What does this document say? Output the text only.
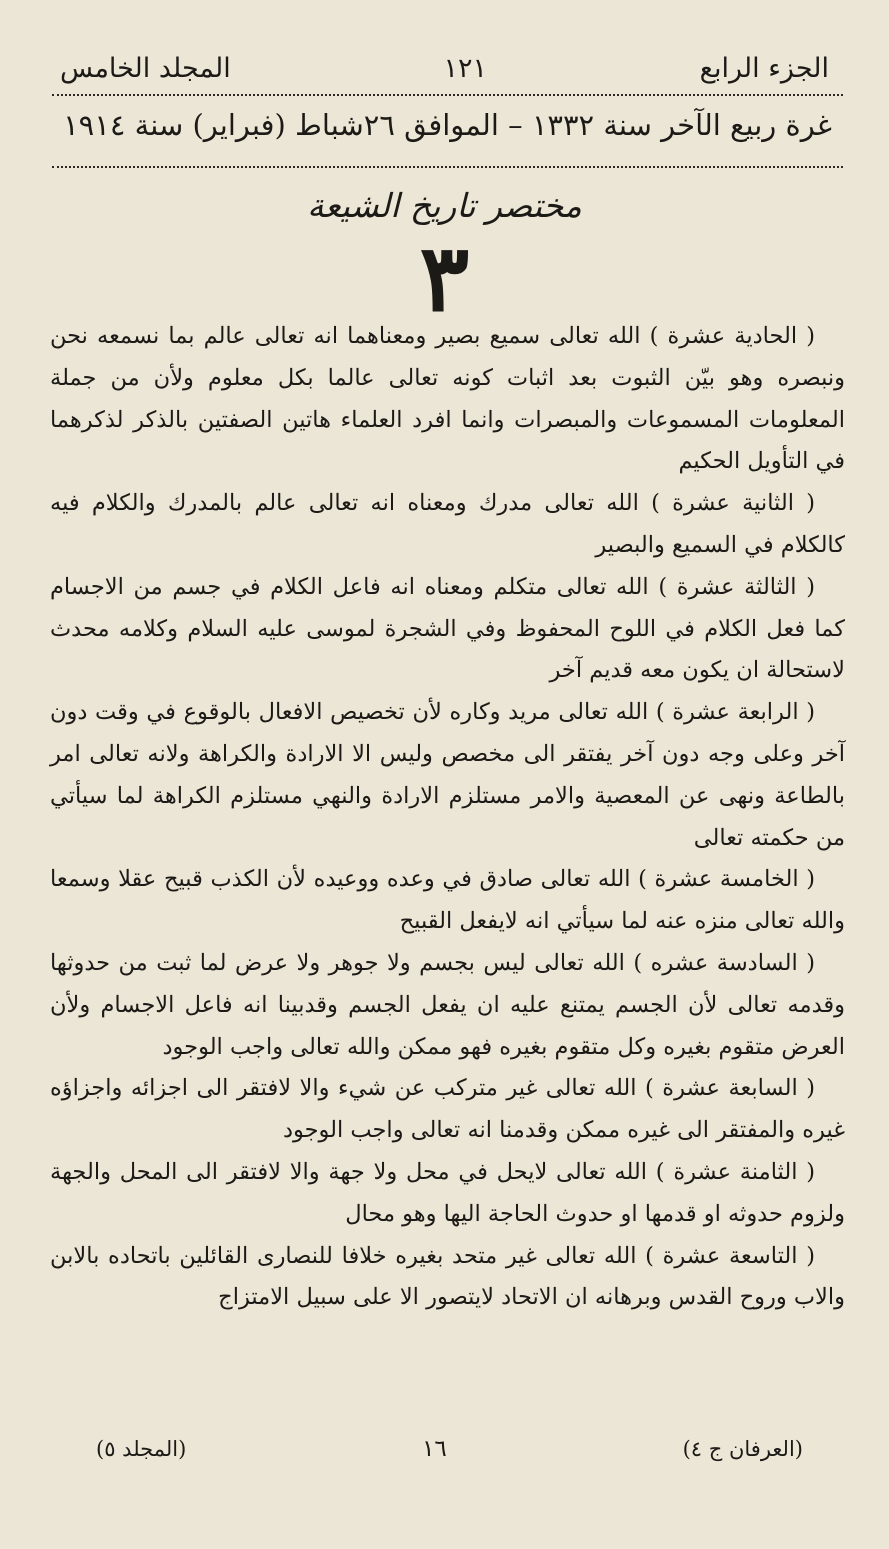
الجزء الرابع
١٢١
المجلد الخامس
غرة ربيع الآخر سنة ١٣٣٢ – الموافق ٢٦شباط (فبراير) سنة ١٩١٤
مختصر تاريخ الشيعة
٣

( الحادية عشرة ) الله تعالى سميع بصير ومعناهما انه تعالى عالم بما نسمعه نحن ونبصره وهو بيّن الثبوت بعد اثبات كونه تعالى عالما بكل معلوم ولأن من جملة المعلومات المسموعات والمبصرات وانما افرد العلماء هاتين الصفتين بالذكر لذكرهما في التأويل الحكيم

( الثانية عشرة ) الله تعالى مدرك ومعناه انه تعالى عالم بالمدرك والكلام فيه كالكلام في السميع والبصير

( الثالثة عشرة ) الله تعالى متكلم ومعناه انه فاعل الكلام في جسم من الاجسام كما فعل الكلام في اللوح المحفوظ وفي الشجرة لموسى عليه السلام وكلامه محدث لاستحالة ان يكون معه قديم آخر

( الرابعة عشرة ) الله تعالى مريد وكاره لأن تخصيص الافعال بالوقوع في وقت دون آخر وعلى وجه دون آخر يفتقر الى مخصص وليس الا الارادة والكراهة ولانه تعالى امر بالطاعة ونهى عن المعصية والامر مستلزم الارادة والنهي مستلزم الكراهة لما سيأتي من حكمته تعالى

( الخامسة عشرة ) الله تعالى صادق في وعده ووعيده لأن الكذب قبيح عقلا وسمعا والله تعالى منزه عنه لما سيأتي انه لايفعل القبيح

( السادسة عشره ) الله تعالى ليس بجسم ولا جوهر ولا عرض لما ثبت من حدوثها وقدمه تعالى لأن الجسم يمتنع عليه ان يفعل الجسم وقدبينا انه فاعل الاجسام ولأن العرض متقوم بغيره وكل متقوم بغيره فهو ممكن والله تعالى واجب الوجود

( السابعة عشرة ) الله تعالى غير متركب عن شيء والا لافتقر الى اجزائه واجزاؤه غيره والمفتقر الى غيره ممكن وقدمنا انه تعالى واجب الوجود

( الثامنة عشرة ) الله تعالى لايحل في محل ولا جهة والا لافتقر الى المحل والجهة ولزوم حدوثه او قدمها او حدوث الحاجة اليها وهو محال

( التاسعة عشرة ) الله تعالى غير متحد بغيره خلافا للنصارى القائلين باتحاده بالابن والاب وروح القدس وبرهانه ان الاتحاد لايتصور الا على سبيل الامتزاج

(العرفان ج ٤)
١٦
(المجلد ٥)
